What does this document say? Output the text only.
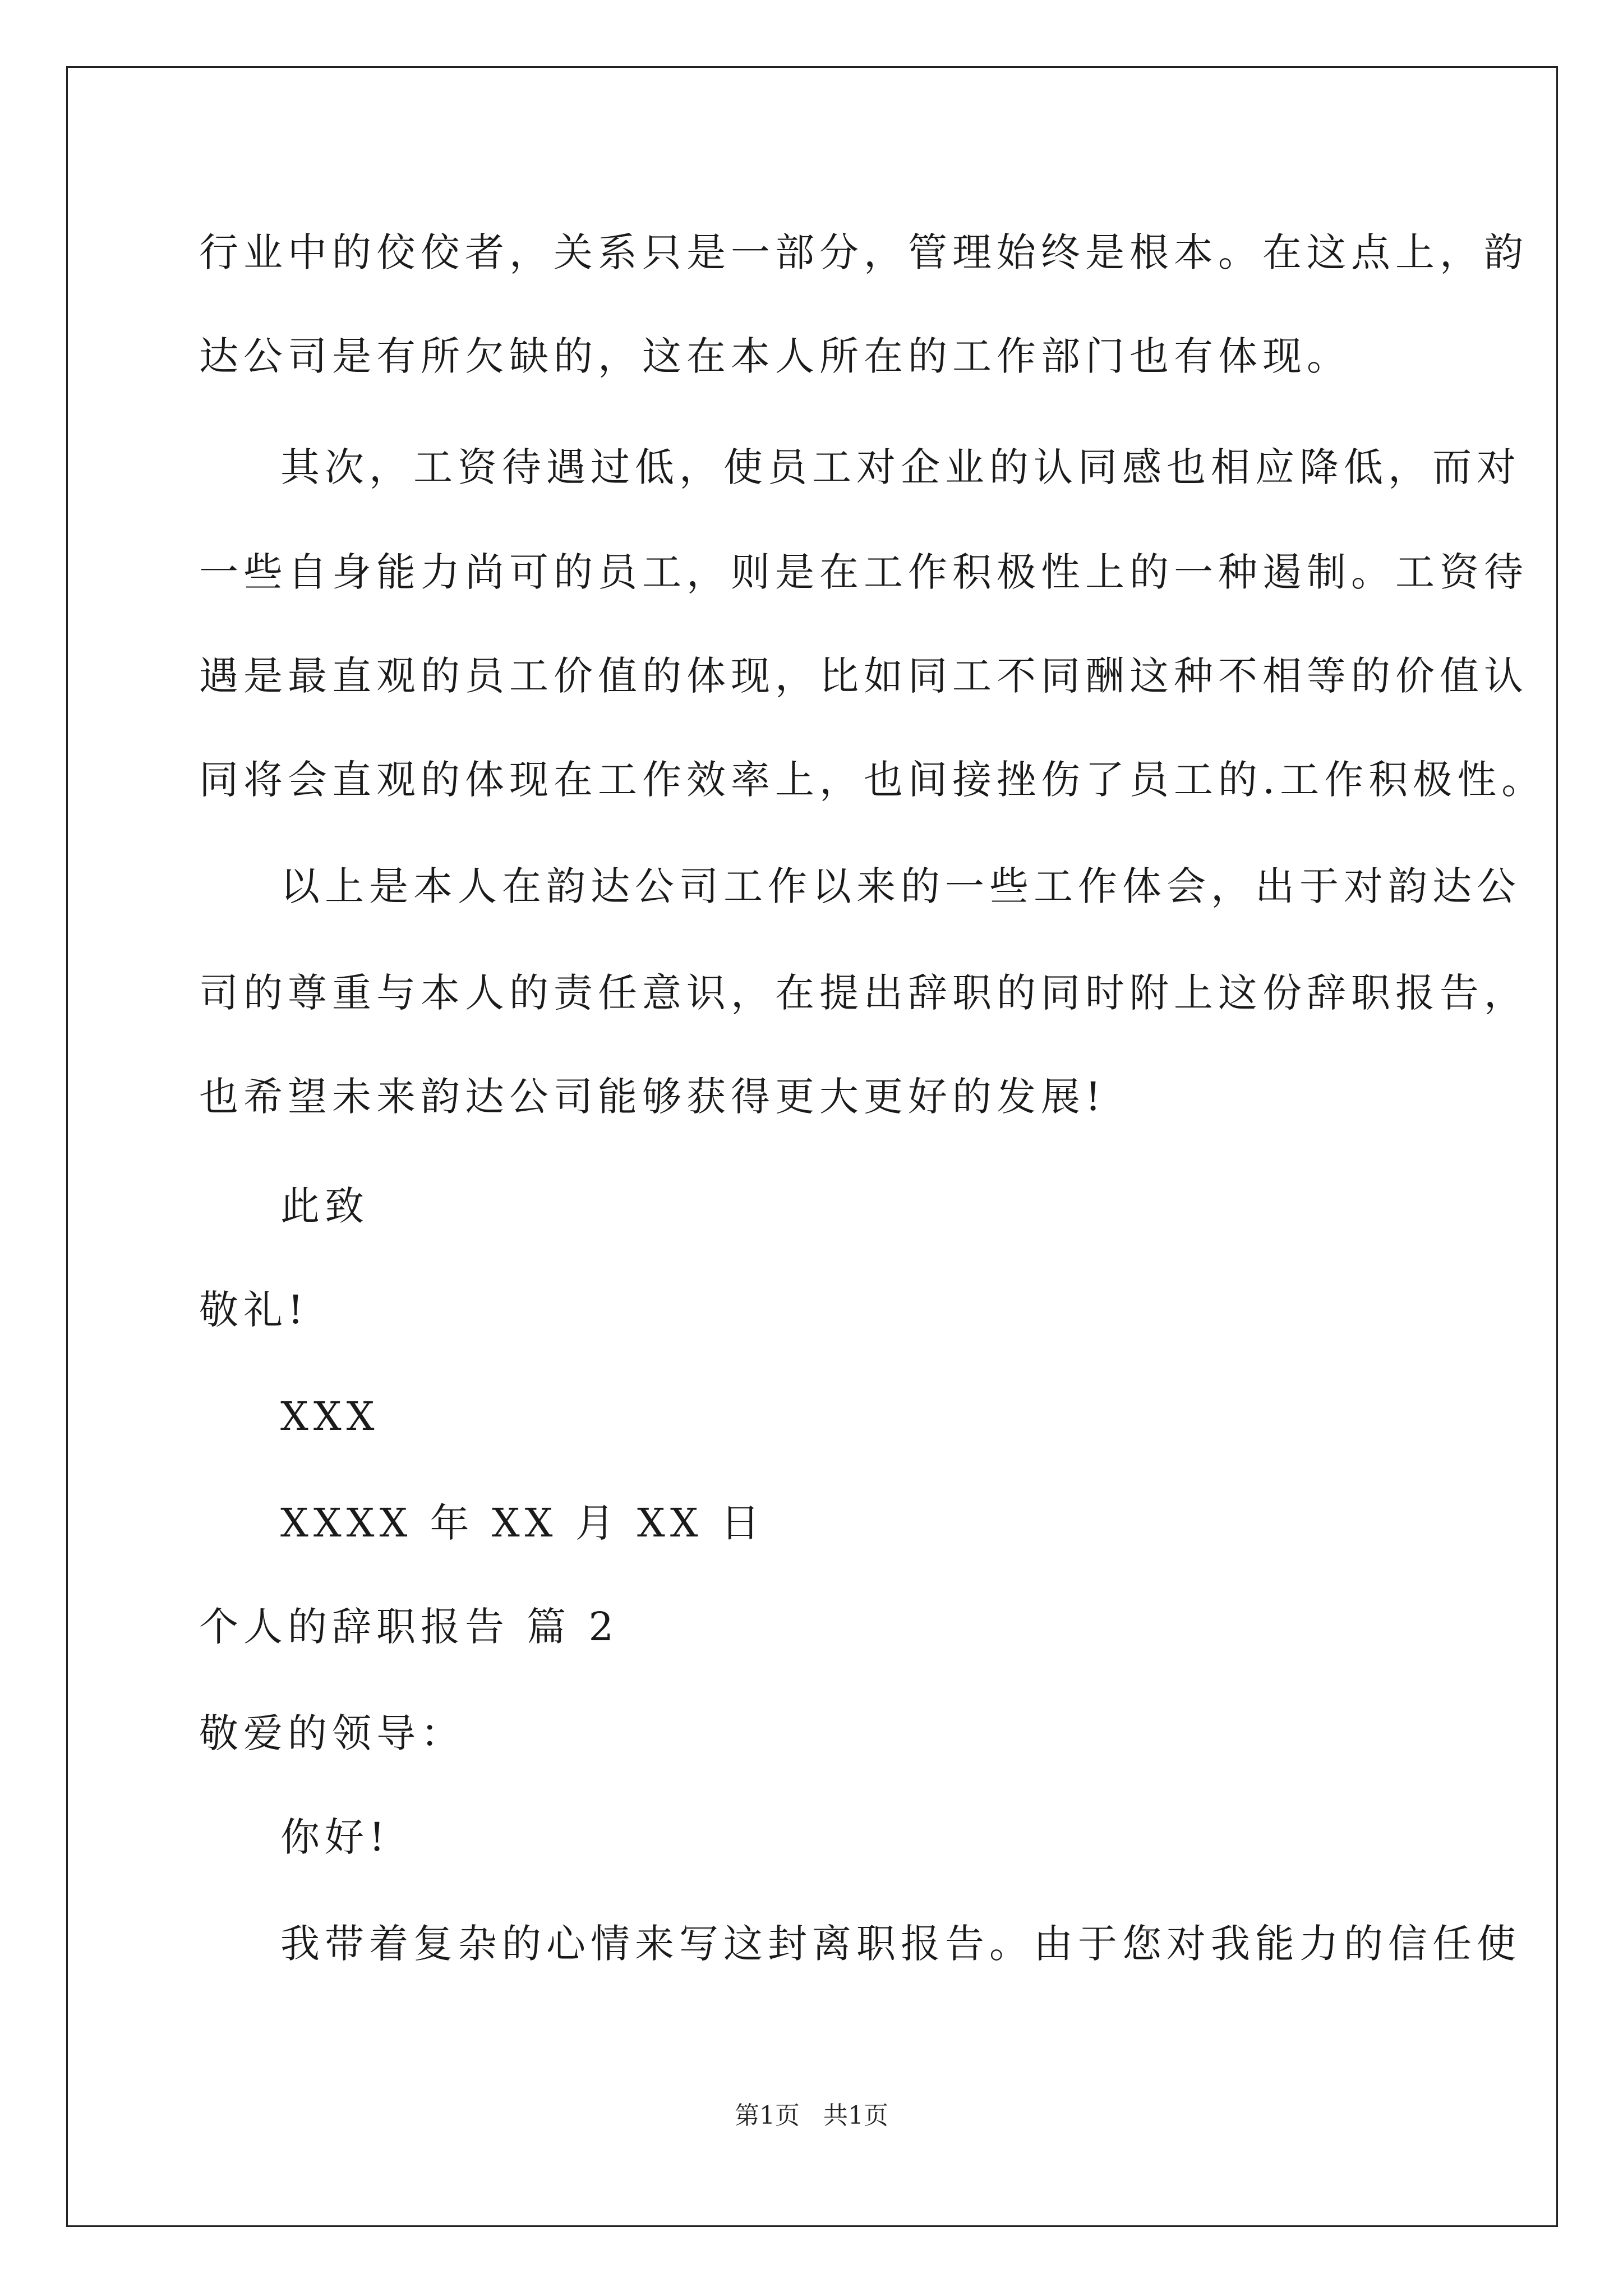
行业中的佼佼者，关系只是一部分，管理始终是根本。在这点上，韵
达公司是有所欠缺的，这在本人所在的工作部门也有体现。
其次，工资待遇过低，使员工对企业的认同感也相应降低，而对
一些自身能力尚可的员工，则是在工作积极性上的一种遏制。工资待
遇是最直观的员工价值的体现，比如同工不同酬这种不相等的价值认
同将会直观的体现在工作效率上，也间接挫伤了员工的.工作积极性。
以上是本人在韵达公司工作以来的一些工作体会，出于对韵达公
司的尊重与本人的责任意识，在提出辞职的同时附上这份辞职报告，
也希望未来韵达公司能够获得更大更好的发展!
此致
敬礼!
XXX
XXXX 年 XX 月 XX 日
个人的辞职报告 篇 2
敬爱的领导：
你好!
我带着复杂的心情来写这封离职报告。由于您对我能力的信任使
第1页 共1页
